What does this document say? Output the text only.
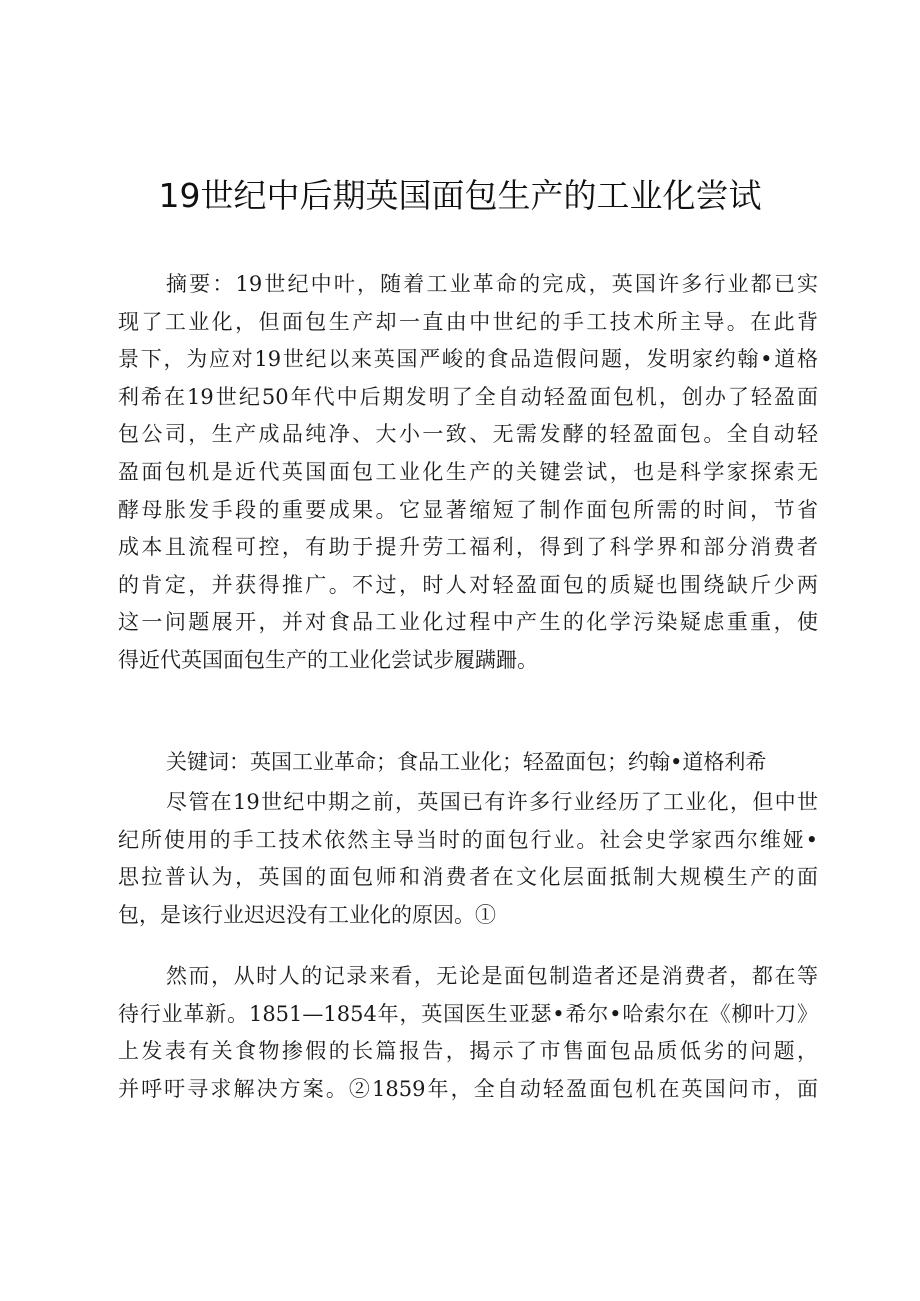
19世纪中后期英国面包生产的工业化尝试
摘要：19世纪中叶，随着工业革命的完成，英国许多行业都已实
现了工业化，但面包生产却一直由中世纪的手工技术所主导。在此背
景下，为应对19世纪以来英国严峻的食品造假问题，发明家约翰•道格
利希在19世纪50年代中后期发明了全自动轻盈面包机，创办了轻盈面
包公司，生产成品纯净、大小一致、无需发酵的轻盈面包。全自动轻
盈面包机是近代英国面包工业化生产的关键尝试，也是科学家探索无
酵母胀发手段的重要成果。它显著缩短了制作面包所需的时间，节省
成本且流程可控，有助于提升劳工福利，得到了科学界和部分消费者
的肯定，并获得推广。不过，时人对轻盈面包的质疑也围绕缺斤少两
这一问题展开，并对食品工业化过程中产生的化学污染疑虑重重，使
得近代英国面包生产的工业化尝试步履蹒跚。
关键词：英国工业革命；食品工业化；轻盈面包；约翰•道格利希
尽管在19世纪中期之前，英国已有许多行业经历了工业化，但中世
纪所使用的手工技术依然主导当时的面包行业。社会史学家西尔维娅•
思拉普认为，英国的面包师和消费者在文化层面抵制大规模生产的面
包，是该行业迟迟没有工业化的原因。①
然而，从时人的记录来看，无论是面包制造者还是消费者，都在等
待行业革新。1851—1854年，英国医生亚瑟•希尔•哈索尔在《柳叶刀》
上发表有关食物掺假的长篇报告，揭示了市售面包品质低劣的问题，
并呼吁寻求解决方案。②1859年，全自动轻盈面包机在英国问市，面
